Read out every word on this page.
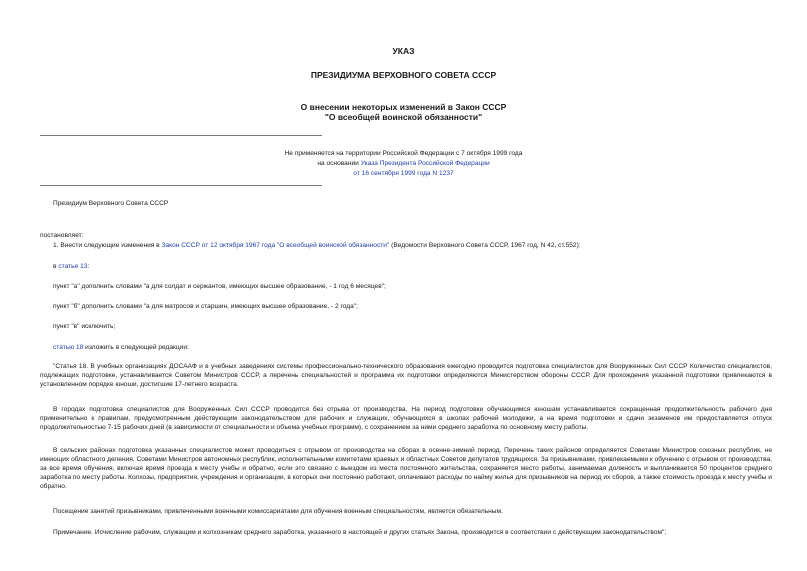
УКАЗ
ПРЕЗИДИУМА ВЕРХОВНОГО СОВЕТА СССР
О внесении некоторых изменений в Закон СССР
"О всеобщей воинской обязанности"
Не применяется на территории Российской Федерации с 7 октября 1999 года
на основании Указа Президента Российской Федерации
от 16 сентября 1999 года N 1237
Президиум Верховного Совета СССР
постановляет:
1. Внести следующие изменения в Закон СССР от 12 октября 1967 года "О всеобщей воинской обязанности" (Ведомости Верховного Совета СССР, 1967 год, N 42, ст.552):
в статье 13:
пункт "а" дополнить словами "а для солдат и сержантов, имеющих высшее образование, - 1 год 6 месяцев";
пункт "б" дополнить словами "а для матросов и старшин, имеющих высшее образование, - 2 года";
пункт "в" исключить;
статью 18 изложить в следующей редакции:
"Статья 18. В учебных организациях ДОСААФ и в учебных заведениях системы профессионально-технического образования ежегодно проводится подготовка специалистов для Вооруженных Сил СССР Количество специалистов, подлежащих подготовке, устанавливается Советом Министров СССР, а перечень специальностей и программа их подготовки определяются Министерством обороны СССР. Для прохождения указанной подготовки привлекаются в установленном порядке юноши, достигшие 17-летнего возраста.
В городах подготовка специалистов для Вооруженных Сил СССР проводится без отрыва от производства. На период подготовки обучающимся юношам устанавливается сокращенная продолжительность рабочего дня применительно к правилам, предусмотренным действующим законодательством для рабочих и служащих, обучающихся в школах рабочей молодежи, а на время подготовки и сдачи экзаменов им предоставляется отпуск продолжительностью 7-15 рабочих дней (в зависимости от специальности и объема учебных программ), с сохранением за ними среднего заработка по основному месту работы.
В сельских районах подготовка указанных специалистов может проводиться с отрывом от производства на сборах в осенне-зимний период. Перечень таких районов определяется Советами Министров союзных республик, не имеющих областного деления, Советами Министров автономных республик, исполнительными комитетами краевых и областных Советов депутатов трудящихся. За призывниками, привлекаемыми к обучению с отрывом от производства, за все время обучения, включая время проезда к месту учебы и обратно, если это связано с выездом из места постоянного жительства, сохраняется место работы, занимаемая должность и выплачивается 50 процентов среднего заработка по месту работы. Колхозы, предприятия, учреждения и организации, в которых они постоянно работают, оплачивают расходы по найму жилья для призывников на период их сборов, а также стоимость проезда к месту учебы и обратно.
Посещение занятий призывниками, привлеченными военными комиссариатами для обучения военным специальностям, является обязательным.
Примечание. Исчисление рабочим, служащим и колхозникам среднего заработка, указанного в настоящей и других статьях Закона, производится в соответствии с действующим законодательством";
